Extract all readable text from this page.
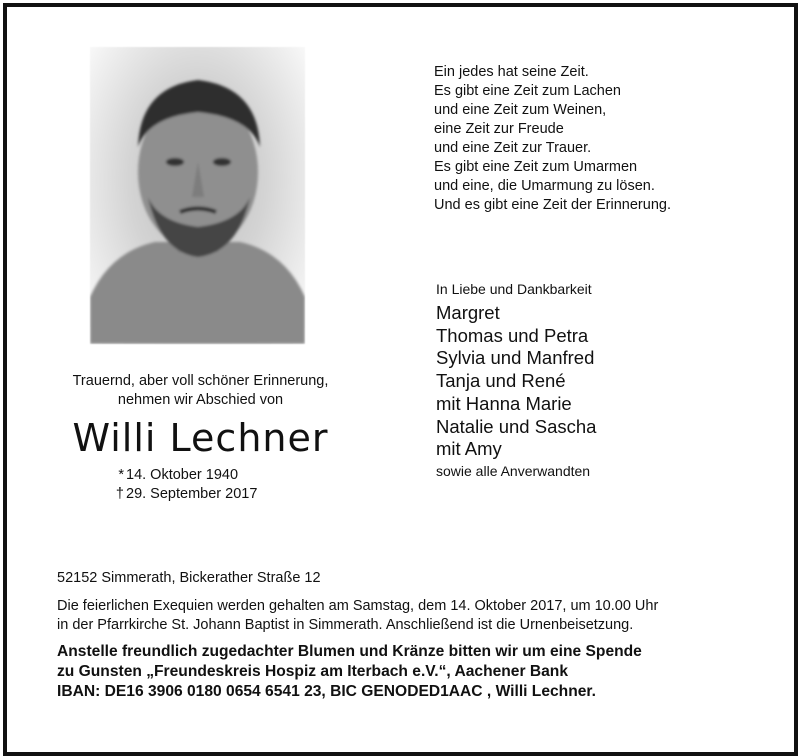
Ein jedes hat seine Zeit.
Es gibt eine Zeit zum Lachen
und eine Zeit zum Weinen,
eine Zeit zur Freude
und eine Zeit zur Trauer.
Es gibt eine Zeit zum Umarmen
und eine, die Umarmung zu lösen.
Und es gibt eine Zeit der Erinnerung.
Trauernd, aber voll schöner Erinnerung,
nehmen wir Abschied von
Willi Lechner
* 14. Oktober 1940
† 29. September 2017
In Liebe und Dankbarkeit
Margret
Thomas und Petra
Sylvia und Manfred
Tanja und René
mit Hanna Marie
Natalie und Sascha
mit Amy
sowie alle Anverwandten
52152 Simmerath, Bickerather Straße 12
Die feierlichen Exequien werden gehalten am Samstag, dem 14. Oktober 2017, um 10.00 Uhr
in der Pfarrkirche St. Johann Baptist in Simmerath. Anschließend ist die Urnenbeisetzung.
Anstelle freundlich zugedachter Blumen und Kränze bitten wir um eine Spende
zu Gunsten „Freundeskreis Hospiz am Iterbach e.V.“, Aachener Bank
IBAN: DE16 3906 0180 0654 6541 23, BIC GENODED1AAC , Willi Lechner.
